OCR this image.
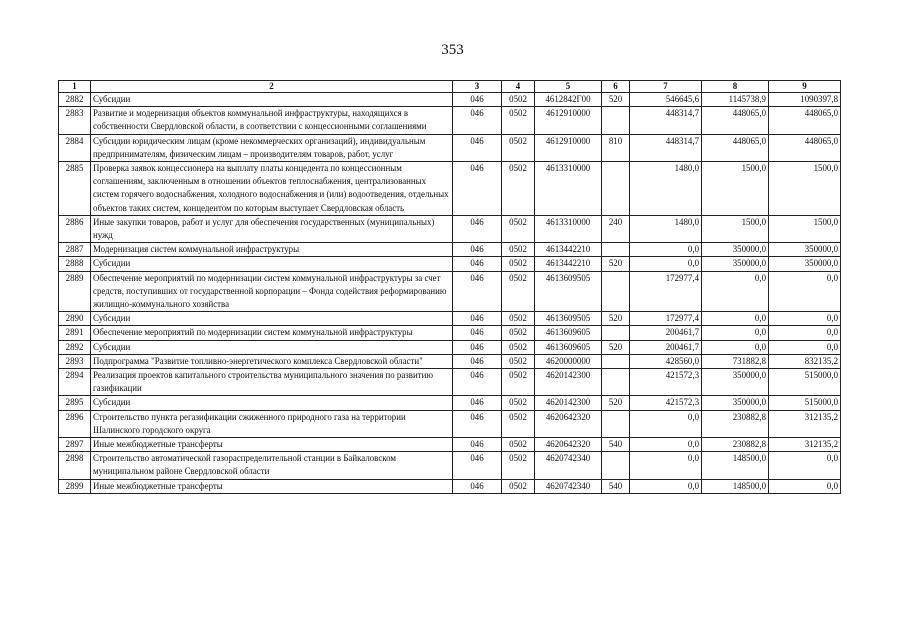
353
1	2	3	4	5	6	7	8	9
2882	Субсидии	046	0502	4612842Г00	520	546645,6	1145738,9	1090397,8
2883	Развитие и модернизация объектов коммунальной инфраструктуры, находящихся в собственности Свердловской области, в соответствии с концессионными соглашениями	046	0502	4612910000		448314,7	448065,0	448065,0
2884	Субсидии юридическим лицам (кроме некоммерческих организаций), индивидуальным предпринимателям, физическим лицам – производителям товаров, работ, услуг	046	0502	4612910000	810	448314,7	448065,0	448065,0
2885	Проверка заявок концессионера на выплату платы концедента по концессионным соглашениям, заключенным в отношении объектов теплоснабжения, централизованных систем горячего водоснабжения, холодного водоснабжения и (или) водоотведения, отдельных объектов таких систем, концедентом по которым выступает Свердловская область	046	0502	4613310000		1480,0	1500,0	1500,0
2886	Иные закупки товаров, работ и услуг для обеспечения государственных (муниципальных) нужд	046	0502	4613310000	240	1480,0	1500,0	1500,0
2887	Модернизация систем коммунальной инфраструктуры	046	0502	4613442210		0,0	350000,0	350000,0
2888	Субсидии	046	0502	4613442210	520	0,0	350000,0	350000,0
2889	Обеспечение мероприятий по модернизации систем коммунальной инфраструктуры за счет средств, поступивших от государственной корпорации – Фонда содействия реформированию жилищно-коммунального хозяйства	046	0502	4613609505		172977,4	0,0	0,0
2890	Субсидии	046	0502	4613609505	520	172977,4	0,0	0,0
2891	Обеспечение мероприятий по модернизации систем коммунальной инфраструктуры	046	0502	4613609605		200461,7	0,0	0,0
2892	Субсидии	046	0502	4613609605	520	200461,7	0,0	0,0
2893	Подпрограмма "Развитие топливно-энергетического комплекса Свердловской области"	046	0502	4620000000		428560,0	731882,8	832135,2
2894	Реализация проектов капитального строительства муниципального значения по развитию газификации	046	0502	4620142300		421572,3	350000,0	515000,0
2895	Субсидии	046	0502	4620142300	520	421572,3	350000,0	515000,0
2896	Строительство пункта регазификации сжиженного природного газа на территории Шалинского городского округа	046	0502	4620642320		0,0	230882,8	312135,2
2897	Иные межбюджетные трансферты	046	0502	4620642320	540	0,0	230882,8	312135,2
2898	Строительство автоматической газораспределительной станции в Байкаловском муниципальном районе Свердловской области	046	0502	4620742340		0,0	148500,0	0,0
2899	Иные межбюджетные трансферты	046	0502	4620742340	540	0,0	148500,0	0,0
